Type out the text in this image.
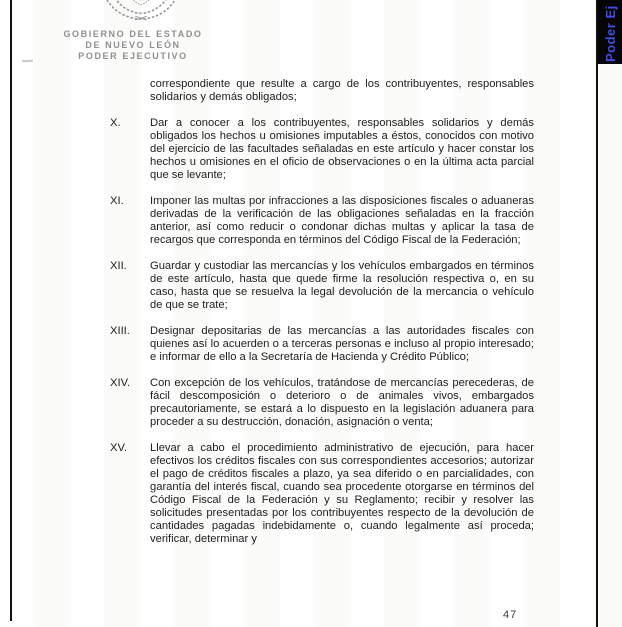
Poder Ej
GOBIERNO DEL ESTADO
DE NUEVO LEÓN
PODER EJECUTIVO
correspondiente que resulte a cargo de los contribuyentes, responsables solidarios y demás obligados;
X.	Dar a conocer a los contribuyentes, responsables solidarios y demás obligados los hechos u omisiones imputables a éstos, conocidos con motivo del ejercicio de las facultades señaladas en este artículo y hacer constar los hechos u omisiones en el oficio de observaciones o en la última acta parcial que se levante;
XI.	Imponer las multas por infracciones a las disposiciones fiscales o aduaneras derivadas de la verificación de las obligaciones señaladas en la fracción anterior, así como reducir o condonar dichas multas y aplicar la tasa de recargos que corresponda en términos del Código Fiscal de la Federación;
XII.	Guardar y custodiar las mercancías y los vehículos embargados en términos de este artículo, hasta que quede firme la resolución respectiva o, en su caso, hasta que se resuelva la legal devolución de la mercancia o vehículo de que se trate;
XIII.	Designar depositarias de las mercancías a las autoridades fiscales con quienes así lo acuerden o a terceras personas e incluso al propio interesado; e informar de ello a la Secretaría de Hacienda y Crédito Público;
XIV.	Con excepción de los vehículos, tratándose de mercancías perecederas, de fácil descomposición o deterioro o de animales vivos, embargados precautoriamente, se estará a lo dispuesto en la legislación aduanera para proceder a su destrucción, donación, asignación o venta;
XV.	Llevar a cabo el procedimiento administrativo de ejecución, para hacer efectivos los créditos fiscales con sus correspondientes accesorios; autorizar el pago de créditos fiscales a plazo, ya sea diferido o en parcialidades, con garantía del interés fiscal, cuando sea procedente otorgarse en términos del Código Fiscal de la Federación y su Reglamento; recibir y resolver las solicitudes presentadas por los contribuyentes respecto de la devolución de cantidades pagadas indebidamente o, cuando legalmente así proceda; verificar, determinar y
47
